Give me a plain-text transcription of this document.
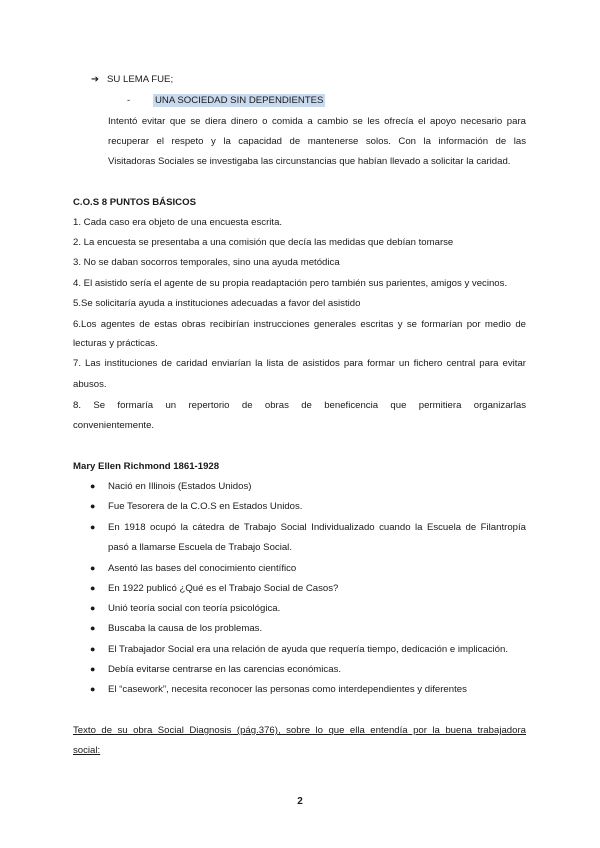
➔ SU LEMA FUE;
-	UNA SOCIEDAD SIN DEPENDIENTES
Intentó evitar que se diera dinero o comida a cambio se les ofrecía el apoyo necesario para
recuperar el respeto y la capacidad de mantenerse solos. Con la información de las
Visitadoras Sociales se investigaba las circunstancias que habían llevado a solicitar la caridad.
C.O.S 8 PUNTOS BÁSICOS
1. Cada caso era objeto de una encuesta escrita.
2. La encuesta se presentaba a una comisión que decía las medidas que debían tomarse
3. No se daban socorros temporales, sino una ayuda metódica
4. El asistido sería el agente de su propia readaptación pero también sus parientes, amigos y vecinos.
5.Se solicitaría ayuda a instituciones adecuadas a favor del asistido
6.Los agentes de estas obras recibirían instrucciones generales escritas y se formarían por medio de
lecturas y prácticas.
7. Las instituciones de caridad enviarían la lista de asistidos para formar un fichero central para evitar
abusos.
8. Se formaría un repertorio de obras de beneficencia que permitiera organizarlas
convenientemente.
Mary Ellen Richmond 1861-1928
● Nació en Illinois (Estados Unidos)
● Fue Tesorera de la C.O.S en Estados Unidos.
● En 1918 ocupó la cátedra de Trabajo Social Individualizado cuando la Escuela de Filantropía
pasó a llamarse Escuela de Trabajo Social.
● Asentó las bases del conocimiento científico
● En 1922 publicó ¿Qué es el Trabajo Social de Casos?
● Unió teoría social con teoría psicológica.
● Buscaba la causa de los problemas.
● El Trabajador Social era una relación de ayuda que requería tiempo, dedicación e implicación.
● Debía evitarse centrarse en las carencias económicas.
● El “casework”, necesita reconocer las personas como interdependientes y diferentes
Texto de su obra Social Diagnosis (pág.376), sobre lo que ella entendía por la buena trabajadora
social:
2
